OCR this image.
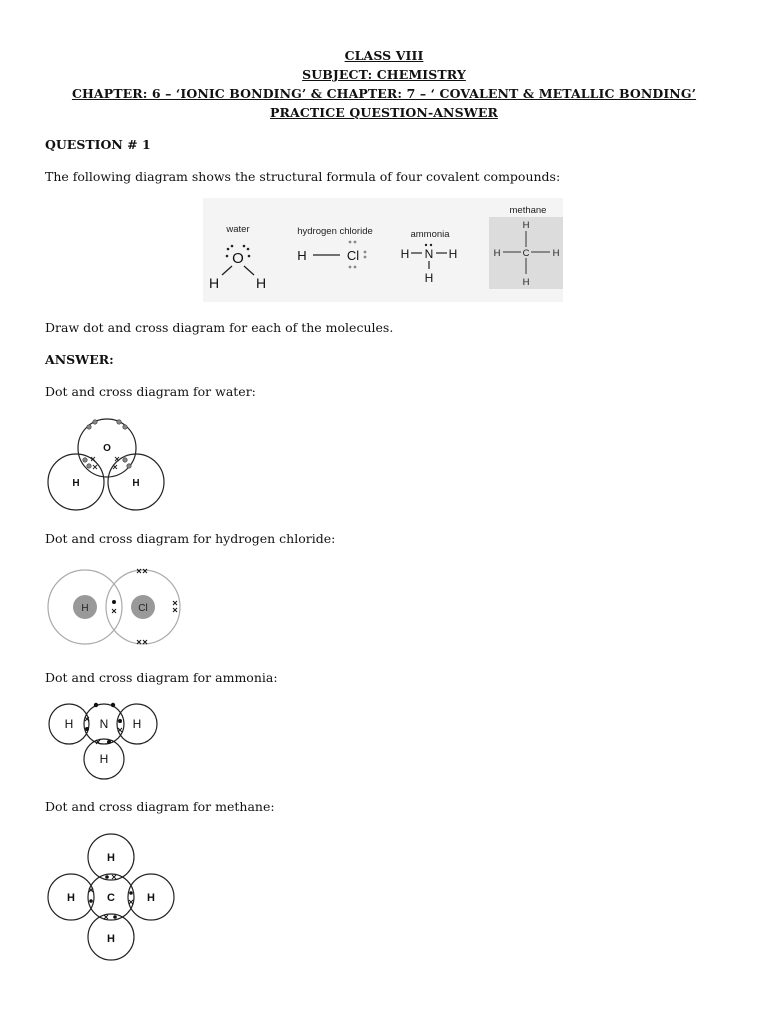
CLASS VIII
SUBJECT: CHEMISTRY
CHAPTER: 6 – ‘IONIC BONDING’ & CHAPTER: 7 – ‘ COVALENT & METALLIC BONDING’
PRACTICE QUESTION-ANSWER
QUESTION # 1
The following diagram shows the structural formula of four covalent compounds:
water
O
H	H
hydrogen chloride
H	Cl
ammonia
H N H
H
methane
H
H C H
H
Draw dot and cross diagram for each of the molecules.
ANSWER:
Dot and cross diagram for water:
O
H	H
Dot and cross diagram for hydrogen chloride:
H	Cl
Dot and cross diagram for ammonia:
N
H	H
H
Dot and cross diagram for methane:
C
H
H
H	H
